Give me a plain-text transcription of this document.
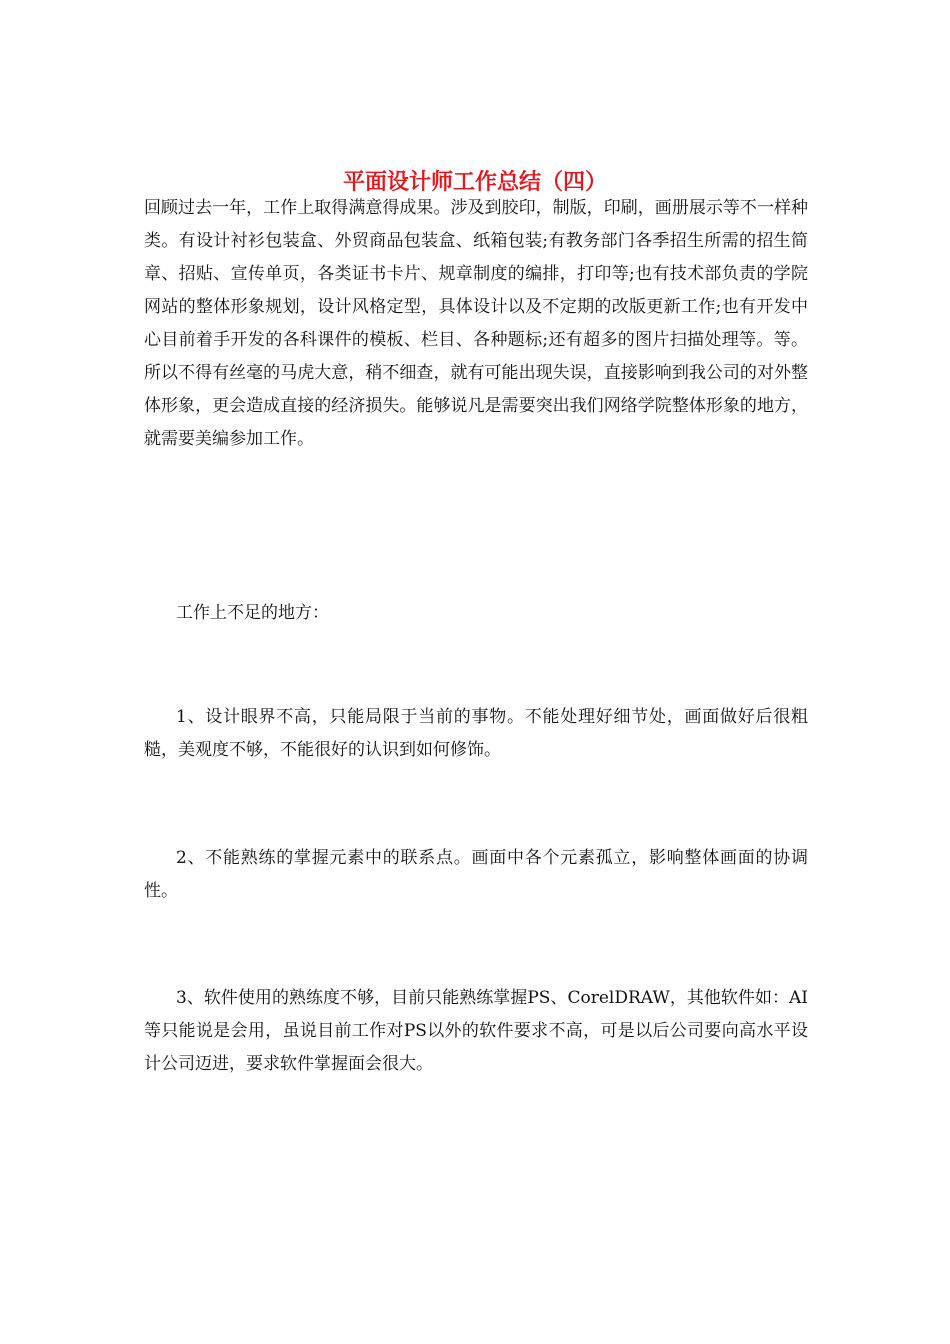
平面设计师工作总结（四）

回顾过去一年，工作上取得满意得成果。涉及到胶印，制版，印刷，画册展示等不一样种类。有设计衬衫包装盒、外贸商品包装盒、纸箱包装;有教务部门各季招生所需的招生简章、招贴、宣传单页，各类证书卡片、规章制度的编排，打印等;也有技术部负责的学院网站的整体形象规划，设计风格定型，具体设计以及不定期的改版更新工作;也有开发中心目前着手开发的各科课件的模板、栏目、各种题标;还有超多的图片扫描处理等。等。所以不得有丝毫的马虎大意，稍不细查，就有可能出现失误，直接影响到我公司的对外整体形象，更会造成直接的经济损失。能够说凡是需要突出我们网络学院整体形象的地方，就需要美编参加工作。

工作上不足的地方：

1、设计眼界不高，只能局限于当前的事物。不能处理好细节处，画面做好后很粗糙，美观度不够，不能很好的认识到如何修饰。

2、不能熟练的掌握元素中的联系点。画面中各个元素孤立，影响整体画面的协调性。

3、软件使用的熟练度不够，目前只能熟练掌握PS、CorelDRAW，其他软件如：AI等只能说是会用，虽说目前工作对PS以外的软件要求不高，可是以后公司要向高水平设计公司迈进，要求软件掌握面会很大。
